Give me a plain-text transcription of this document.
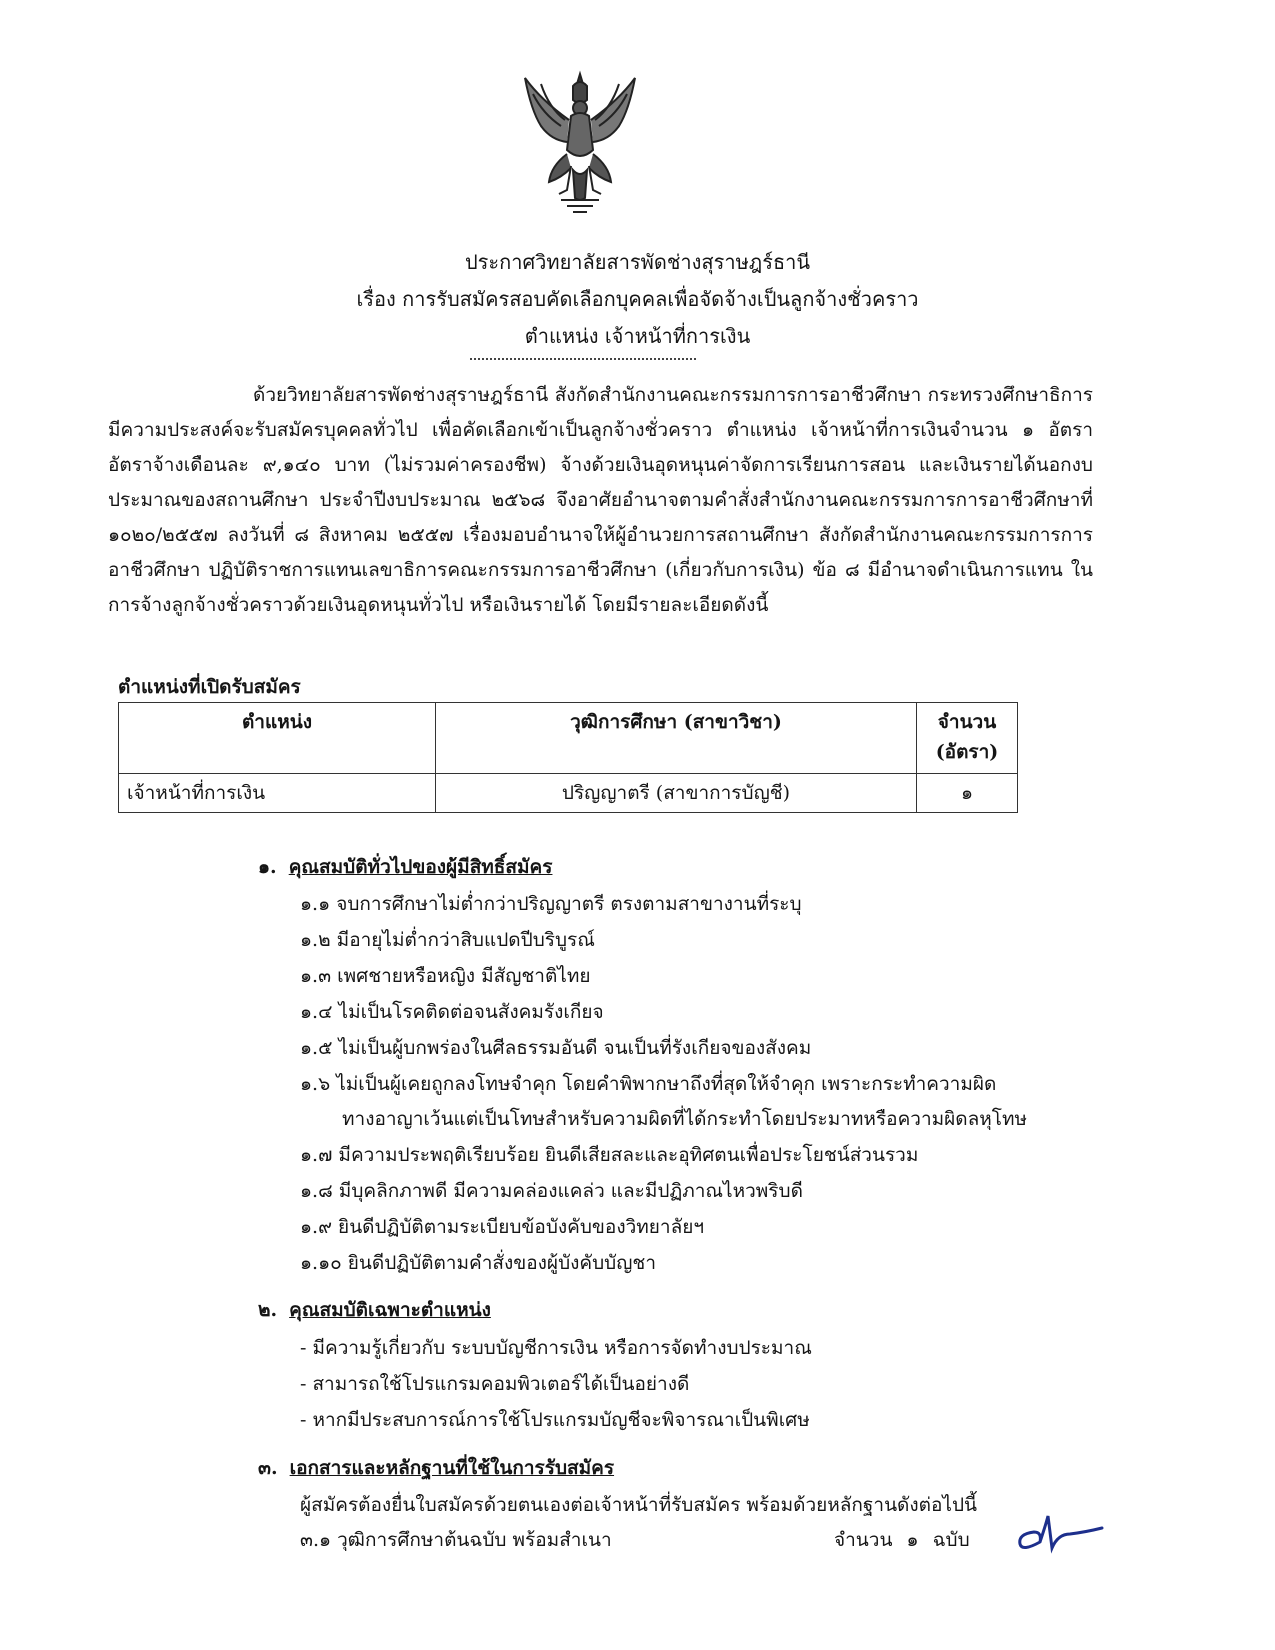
ประกาศวิทยาลัยสารพัดช่างสุราษฎร์ธานี
เรื่อง การรับสมัครสอบคัดเลือกบุคคลเพื่อจัดจ้างเป็นลูกจ้างชั่วคราว
ตำแหน่ง เจ้าหน้าที่การเงิน
ด้วยวิทยาลัยสารพัดช่างสุราษฎร์ธานี สังกัดสำนักงานคณะกรรมการการอาชีวศึกษา กระทรวงศึกษาธิการ มีความประสงค์จะรับสมัครบุคคลทั่วไป เพื่อคัดเลือกเข้าเป็นลูกจ้างชั่วคราว ตำแหน่ง เจ้าหน้าที่การเงินจำนวน ๑ อัตรา อัตราจ้างเดือนละ ๙,๑๔๐ บาท (ไม่รวมค่าครองชีพ) จ้างด้วยเงินอุดหนุนค่าจัดการเรียนการสอน และเงินรายได้นอกงบประมาณของสถานศึกษา ประจำปีงบประมาณ ๒๕๖๘ จึงอาศัยอำนาจตามคำสั่งสำนักงานคณะกรรมการการอาชีวศึกษาที่ ๑๐๒๐/๒๕๕๗ ลงวันที่ ๘ สิงหาคม ๒๕๕๗ เรื่องมอบอำนาจให้ผู้อำนวยการสถานศึกษา สังกัดสำนักงานคณะกรรมการการอาชีวศึกษา ปฏิบัติราชการแทนเลขาธิการคณะกรรมการอาชีวศึกษา (เกี่ยวกับการเงิน) ข้อ ๘ มีอำนาจดำเนินการแทน ในการจ้างลูกจ้างชั่วคราวด้วยเงินอุดหนุนทั่วไป หรือเงินรายได้ โดยมีรายละเอียดดังนี้
ตำแหน่งที่เปิดรับสมัคร
ตำแหน่ง	วุฒิการศึกษา (สาขาวิชา)	จำนวน (อัตรา)
เจ้าหน้าที่การเงิน	ปริญญาตรี (สาขาการบัญชี)	๑
๑. คุณสมบัติทั่วไปของผู้มีสิทธิ์สมัคร
๑.๑ จบการศึกษาไม่ต่ำกว่าปริญญาตรี ตรงตามสาขางานที่ระบุ
๑.๒ มีอายุไม่ต่ำกว่าสิบแปดปีบริบูรณ์
๑.๓ เพศชายหรือหญิง มีสัญชาติไทย
๑.๔ ไม่เป็นโรคติดต่อจนสังคมรังเกียจ
๑.๕ ไม่เป็นผู้บกพร่องในศีลธรรมอันดี จนเป็นที่รังเกียจของสังคม
๑.๖ ไม่เป็นผู้เคยถูกลงโทษจำคุก โดยคำพิพากษาถึงที่สุดให้จำคุก เพราะกระทำความผิด
ทางอาญาเว้นแต่เป็นโทษสำหรับความผิดที่ได้กระทำโดยประมาทหรือความผิดลหุโทษ
๑.๗ มีความประพฤติเรียบร้อย ยินดีเสียสละและอุทิศตนเพื่อประโยชน์ส่วนรวม
๑.๘ มีบุคลิกภาพดี มีความคล่องแคล่ว และมีปฏิภาณไหวพริบดี
๑.๙ ยินดีปฏิบัติตามระเบียบข้อบังคับของวิทยาลัยฯ
๑.๑๐ ยินดีปฏิบัติตามคำสั่งของผู้บังคับบัญชา
๒. คุณสมบัติเฉพาะตำแหน่ง
- มีความรู้เกี่ยวกับ ระบบบัญชีการเงิน หรือการจัดทำงบประมาณ
- สามารถใช้โปรแกรมคอมพิวเตอร์ได้เป็นอย่างดี
- หากมีประสบการณ์การใช้โปรแกรมบัญชีจะพิจารณาเป็นพิเศษ
๓. เอกสารและหลักฐานที่ใช้ในการรับสมัคร
ผู้สมัครต้องยื่นใบสมัครด้วยตนเองต่อเจ้าหน้าที่รับสมัคร พร้อมด้วยหลักฐานดังต่อไปนี้
๓.๑ วุฒิการศึกษาต้นฉบับ พร้อมสำเนา	จำนวน ๑ ฉบับ
